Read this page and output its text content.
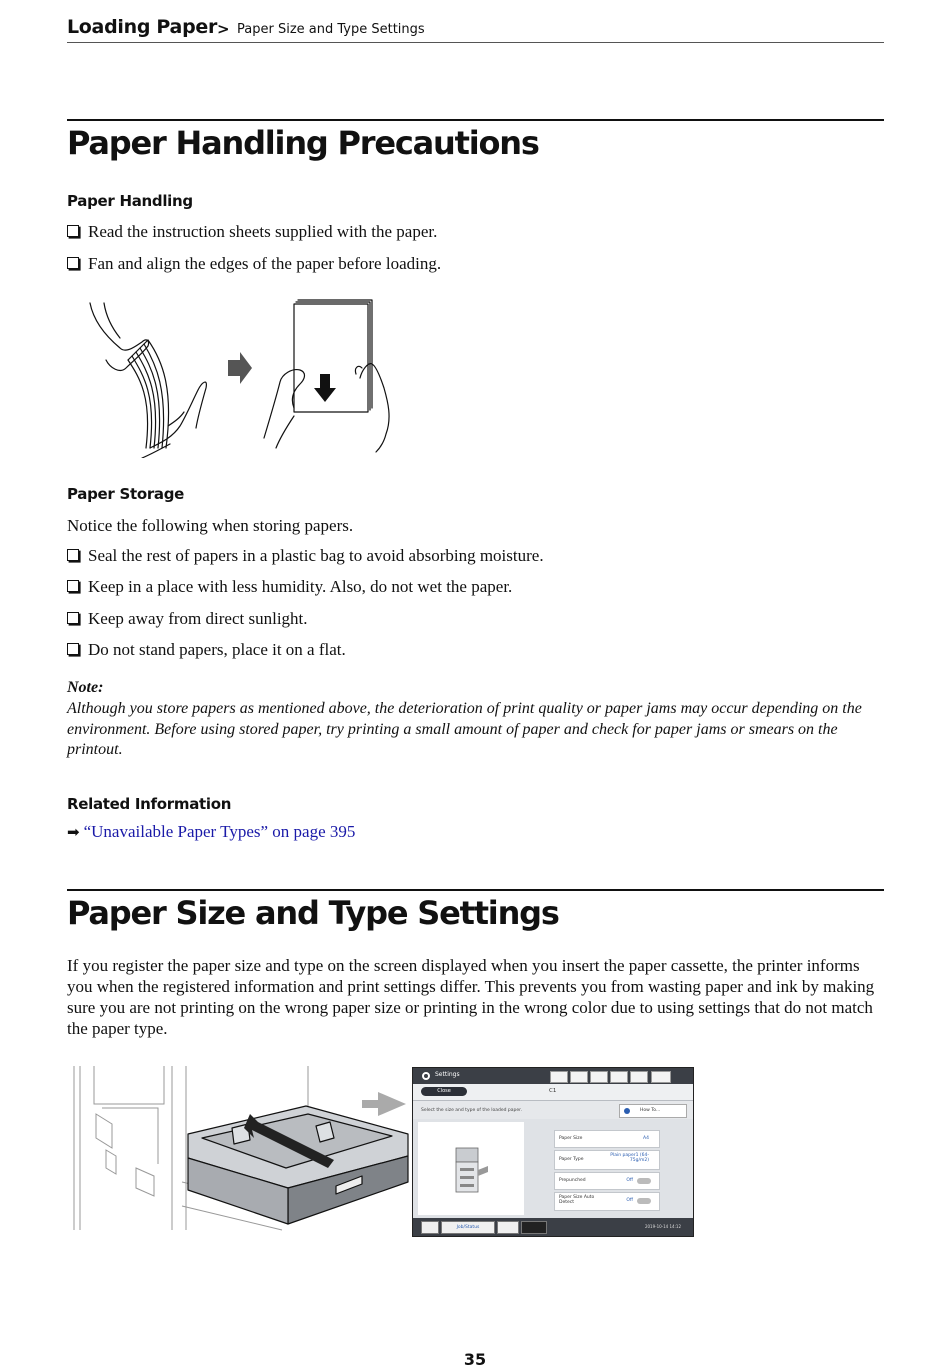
Loading Paper > Paper Size and Type Settings
Paper Handling Precautions
Paper Handling
Read the instruction sheets supplied with the paper.
Fan and align the edges of the paper before loading.
Paper Storage
Notice the following when storing papers.
Seal the rest of papers in a plastic bag to avoid absorbing moisture.
Keep in a place with less humidity. Also, do not wet the paper.
Keep away from direct sunlight.
Do not stand papers, place it on a flat.
Note:
Although you store papers as mentioned above, the deterioration of print quality or paper jams may occur depending on the environment. Before using stored paper, try printing a small amount of paper and check for paper jams or smears on the printout.
Related Information
➡ “Unavailable Paper Types” on page 395
Paper Size and Type Settings
If you register the paper size and type on the screen displayed when you insert the paper cassette, the printer informs you when the registered information and print settings differ. This prevents you from wasting paper and ink by making sure you are not printing on the wrong paper size or printing in the wrong color due to using settings that do not match the paper type.
Settings
Close	C1
Select the size and type of the loaded paper.	How To...
Paper Size	A4
Paper Type
Plain paper1 (64-75g/m2)
Prepunched	Off
Paper Size Auto Detect	Off
Job/Status	2019-10-14 14:12
35
